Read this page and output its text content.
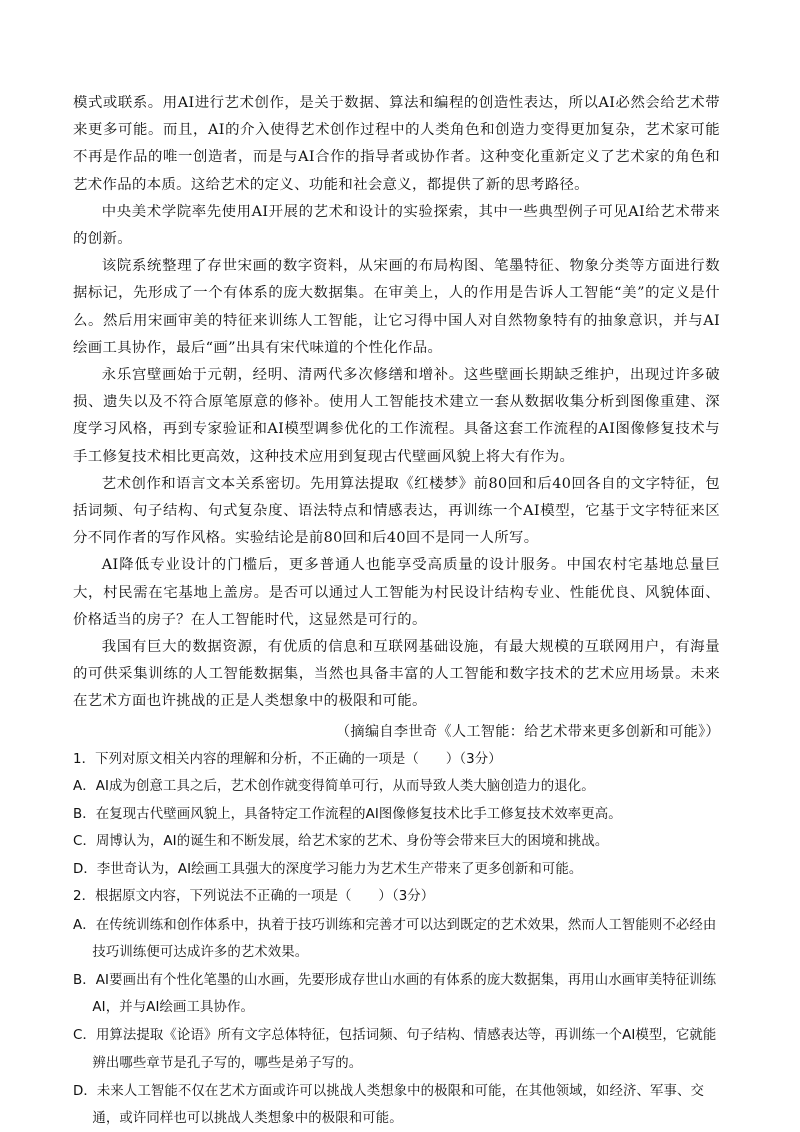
模式或联系。用AI进行艺术创作，是关于数据、算法和编程的创造性表达，所以AI必然会给艺术带来更多可能。而且，AI的介入使得艺术创作过程中的人类角色和创造力变得更加复杂，艺术家可能不再是作品的唯一创造者，而是与AI合作的指导者或协作者。这种变化重新定义了艺术家的角色和艺术作品的本质。这给艺术的定义、功能和社会意义，都提供了新的思考路径。

中央美术学院率先使用AI开展的艺术和设计的实验探索，其中一些典型例子可见AI给艺术带来的创新。

该院系统整理了存世宋画的数字资料，从宋画的布局构图、笔墨特征、物象分类等方面进行数据标记，先形成了一个有体系的庞大数据集。在审美上，人的作用是告诉人工智能“美”的定义是什么。然后用宋画审美的特征来训练人工智能，让它习得中国人对自然物象特有的抽象意识，并与AI绘画工具协作，最后“画”出具有宋代味道的个性化作品。

永乐宫壁画始于元朝，经明、清两代多次修缮和增补。这些壁画长期缺乏维护，出现过许多破损、遗失以及不符合原笔原意的修补。使用人工智能技术建立一套从数据收集分析到图像重建、深度学习风格，再到专家验证和AI模型调参优化的工作流程。具备这套工作流程的AI图像修复技术与手工修复技术相比更高效，这种技术应用到复现古代壁画风貌上将大有作为。

艺术创作和语言文本关系密切。先用算法提取《红楼梦》前80回和后40回各自的文字特征，包括词频、句子结构、句式复杂度、语法特点和情感表达，再训练一个AI模型，它基于文字特征来区分不同作者的写作风格。实验结论是前80回和后40回不是同一人所写。

AI降低专业设计的门槛后，更多普通人也能享受高质量的设计服务。中国农村宅基地总量巨大，村民需在宅基地上盖房。是否可以通过人工智能为村民设计结构专业、性能优良、风貌体面、价格适当的房子？在人工智能时代，这显然是可行的。

我国有巨大的数据资源，有优质的信息和互联网基础设施，有最大规模的互联网用户，有海量的可供采集训练的人工智能数据集，当然也具备丰富的人工智能和数字技术的艺术应用场景。未来在艺术方面也许挑战的正是人类想象中的极限和可能。

（摘编自李世奇《人工智能：给艺术带来更多创新和可能》）

1．下列对原文相关内容的理解和分析，不正确的一项是（　　）（3分）

A．AI成为创意工具之后，艺术创作就变得简单可行，从而导致人类大脑创造力的退化。

B．在复现古代壁画风貌上，具备特定工作流程的AI图像修复技术比手工修复技术效率更高。

C．周博认为，AI的诞生和不断发展，给艺术家的艺术、身份等会带来巨大的困境和挑战。

D．李世奇认为，AI绘画工具强大的深度学习能力为艺术生产带来了更多创新和可能。

2．根据原文内容，下列说法不正确的一项是（　　）（3分）

A．在传统训练和创作体系中，执着于技巧训练和完善才可以达到既定的艺术效果，然而人工智能则不必经由技巧训练便可达成许多的艺术效果。

B．AI要画出有个性化笔墨的山水画，先要形成存世山水画的有体系的庞大数据集，再用山水画审美特征训练AI，并与AI绘画工具协作。

C．用算法提取《论语》所有文字总体特征，包括词频、句子结构、情感表达等，再训练一个AI模型，它就能辨出哪些章节是孔子写的，哪些是弟子写的。

D．未来人工智能不仅在艺术方面或许可以挑战人类想象中的极限和可能，在其他领域，如经济、军事、交通，或许同样也可以挑战人类想象中的极限和可能。
